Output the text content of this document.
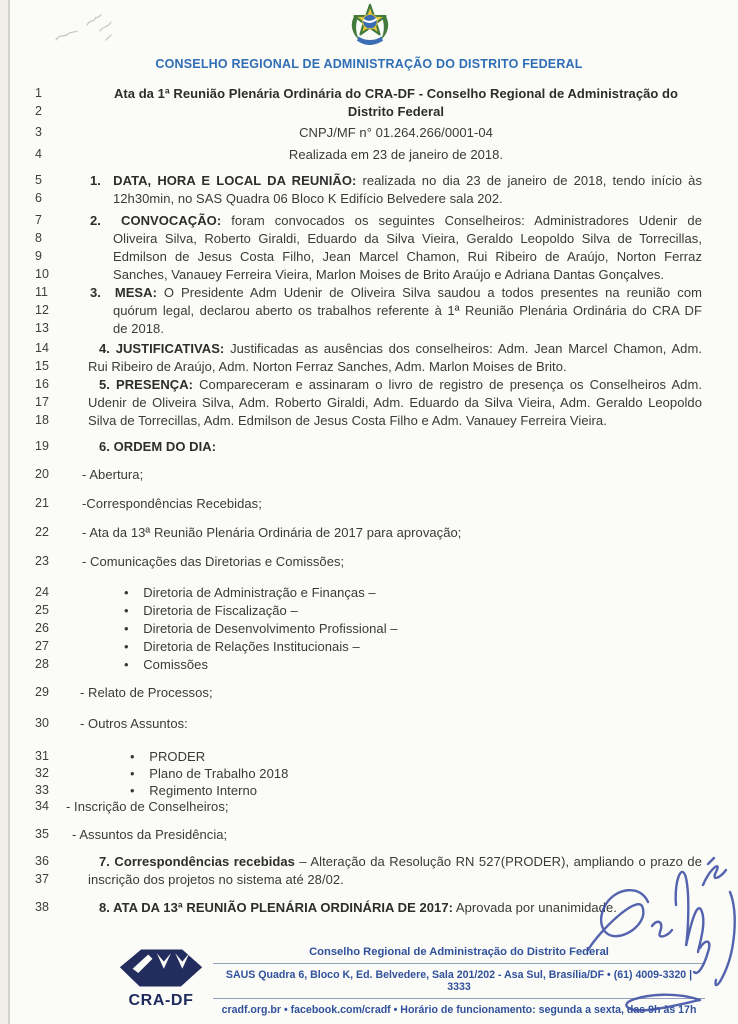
CONSELHO REGIONAL DE ADMINISTRAÇÃO DO DISTRITO FEDERAL
1	Ata da 1ª Reunião Plenária Ordinária do CRA-DF - Conselho Regional de Administração do
2	Distrito Federal
3	CNPJ/MF n° 01.264.266/0001-04
4	Realizada em 23 de janeiro de 2018.
5	1.  DATA, HORA E LOCAL DA REUNIÃO: realizada no dia 23 de janeiro de 2018, tendo início às
6	12h30min, no SAS Quadra 06 Bloco K Edifício Belvedere sala 202.
7	2.  CONVOCAÇÃO: foram convocados os seguintes Conselheiros: Administradores Udenir de
8	Oliveira Silva, Roberto Giraldi, Eduardo da Silva Vieira, Geraldo Leopoldo Silva de Torrecillas,
9	Edmilson de Jesus Costa Filho, Jean Marcel Chamon, Rui Ribeiro de Araújo, Norton Ferraz
10	Sanches, Vanauey Ferreira Vieira, Marlon Moises de Brito Araújo e Adriana Dantas Gonçalves.
11	3.  MESA: O Presidente Adm Udenir de Oliveira Silva saudou a todos presentes na reunião com
12	quórum legal, declarou aberto os trabalhos referente à 1ª Reunião Plenária Ordinária do CRA DF
13	de 2018.
14	4. JUSTIFICATIVAS: Justificadas as ausências dos conselheiros: Adm. Jean Marcel Chamon, Adm.
15	Rui Ribeiro de Araújo, Adm. Norton Ferraz Sanches, Adm. Marlon Moises de Brito.
16	5. PRESENÇA: Compareceram e assinaram o livro de registro de presença os Conselheiros Adm.
17	Udenir de Oliveira Silva, Adm. Roberto Giraldi, Adm. Eduardo da Silva Vieira, Adm. Geraldo Leopoldo
18	Silva de Torrecillas, Adm. Edmilson de Jesus Costa Filho e Adm. Vanauey Ferreira Vieira.
19	6. ORDEM DO DIA:
20	- Abertura;
21	-Correspondências Recebidas;
22	- Ata da 13ª Reunião Plenária Ordinária de 2017 para aprovação;
23	- Comunicações das Diretorias e Comissões;
24	•    Diretoria de Administração e Finanças –
25	•    Diretoria de Fiscalização –
26	•    Diretoria de Desenvolvimento Profissional –
27	•    Diretoria de Relações Institucionais –
28	•    Comissões
29 - Relato de Processos;
30 - Outros Assuntos:
31	•    PRODER
32	•    Plano de Trabalho 2018
33	•    Regimento Interno
34 - Inscrição de Conselheiros;
35 - Assuntos da Presidência;
36	7. Correspondências recebidas – Alteração da Resolução RN 527(PRODER), ampliando o prazo de
37	inscrição dos projetos no sistema até 28/02.
38	8. ATA DA 13ª REUNIÃO PLENÁRIA ORDINÁRIA DE 2017: Aprovada por unanimidade.
CRA-DF
Conselho Regional de Administração do Distrito Federal
SAUS Quadra 6, Bloco K, Ed. Belvedere, Sala 201/202 - Asa Sul, Brasília/DF • (61) 4009-3320 | 3333
cradf.org.br • facebook.com/cradf • Horário de funcionamento: segunda a sexta, das 9h às 17h
